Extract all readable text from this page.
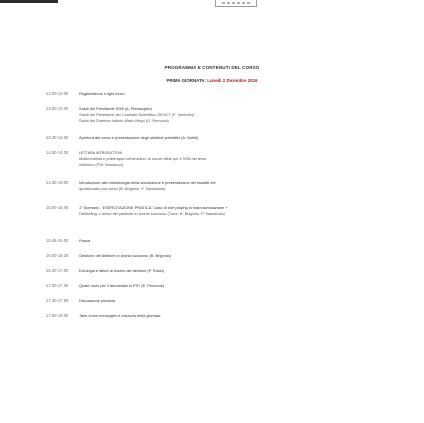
PROGRAMMA E CONTENUTI DEL CORSO
PRIMA GIORNATA: Lunedì 2 Dicembre 2019
12.00-13.00	Registrazione e light lunch
13.00-13.30	Saluti del Presidente SIMI (A. Pietrangelo)
Saluti del Presidente del Comitato Scientifico SIFACT (F. Venturini)
Saluti del Direttore Istituto Mario Negri (G. Remuzzi)
13.30-14.00	Apertura del corso e presentazione degli obiettivi scientifici (A. Nobili)
14.00-14.30	LETTURA INTRODUTTIVA
Multimorbilità e politerapia nell'anziano: le nuove sfide per il SSN del terzo
millennio (P.M. Mannucci)
14.30-15.00	Introduzione alla metodologia della simulazione e presentazione dei risultati del
questionario pre-corso (B. Brignolo, P. Santalucia)
15.00-15.45	1° Scenario - ESERCITAZIONE PRATICA: Caso di role playing in macrosimulazione +
Debriefing: L'arrivo del paziente in pronto soccorso (Tutor: B. Brignolo, P. Santalucia)
15.45-16.00	Pausa
16.00-16.30	Gestione del delirium in pronto soccorso (B. Brignolo)
16.30-17.00	Eziologia e fattori di rischio del delirium (P. Rossi)
17.00-17.30	Quale ruolo per il farmacista in PS? (E. Pennone)
17.30-17.50	Discussione plenaria
17.50-18.00	Take home messages e chiusura della giornata
